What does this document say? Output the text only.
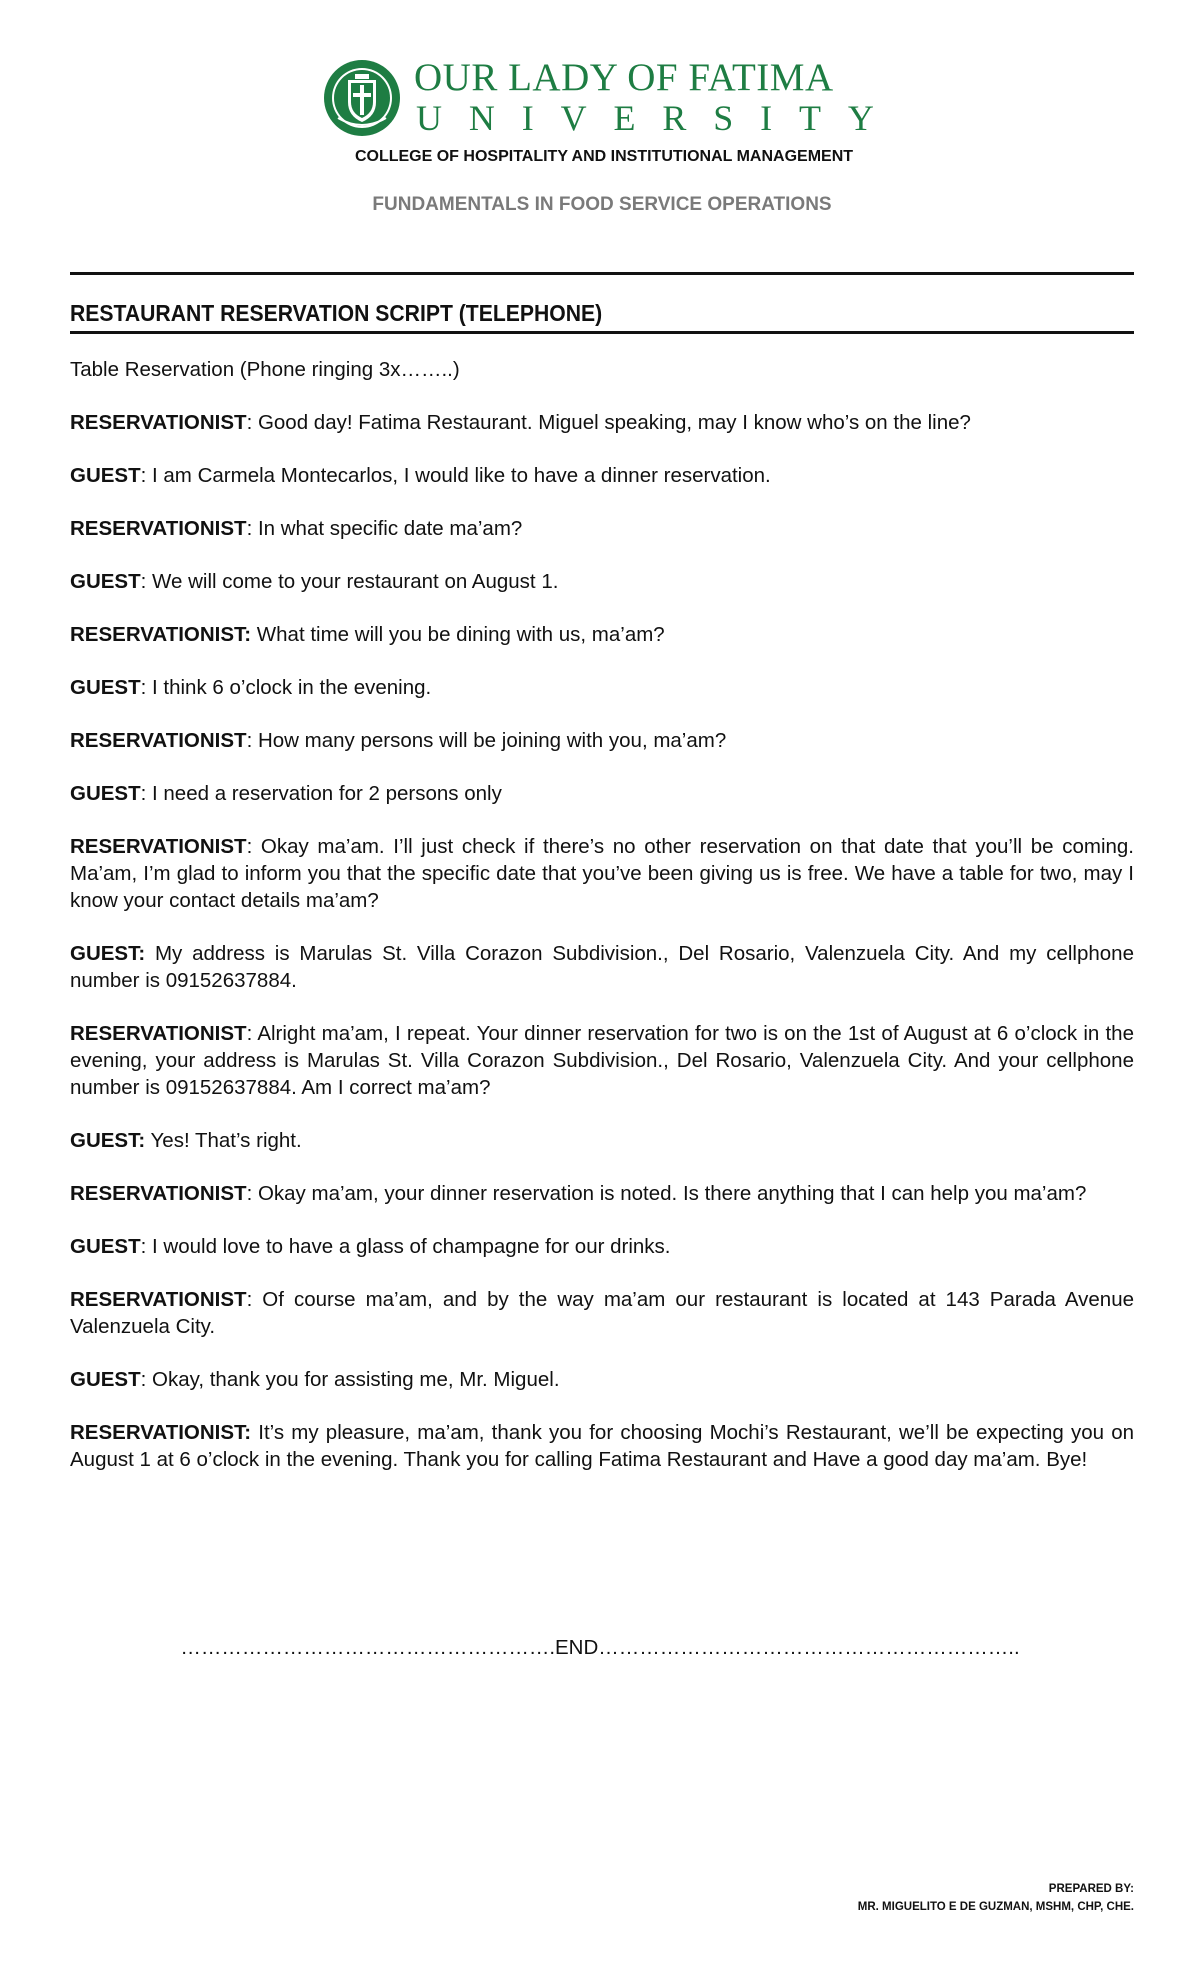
OUR LADY OF FATIMA
U N I V E R S I T Y
COLLEGE OF HOSPITALITY AND INSTITUTIONAL MANAGEMENT
FUNDAMENTALS IN FOOD SERVICE OPERATIONS
RESTAURANT RESERVATION SCRIPT (TELEPHONE)

Table Reservation (Phone ringing 3x……..)

RESERVATIONIST: Good day! Fatima Restaurant. Miguel speaking, may I know who’s on the line?

GUEST: I am Carmela Montecarlos, I would like to have a dinner reservation.

RESERVATIONIST: In what specific date ma’am?

GUEST: We will come to your restaurant on August 1.

RESERVATIONIST: What time will you be dining with us, ma’am?

GUEST: I think 6 o’clock in the evening.

RESERVATIONIST: How many persons will be joining with you, ma’am?

GUEST: I need a reservation for 2 persons only

RESERVATIONIST: Okay ma’am. I’ll just check if there’s no other reservation on that date that you’ll be coming. Ma’am, I’m glad to inform you that the specific date that you’ve been giving us is free. We have a table for two, may I know your contact details ma’am?

GUEST: My address is Marulas St. Villa Corazon Subdivision., Del Rosario, Valenzuela City. And my cellphone number is 09152637884.

RESERVATIONIST: Alright ma’am, I repeat. Your dinner reservation for two is on the 1st of August at 6 o’clock in the evening, your address is Marulas St. Villa Corazon Subdivision., Del Rosario, Valenzuela City. And your cellphone number is 09152637884. Am I correct ma’am?

GUEST: Yes! That’s right.

RESERVATIONIST: Okay ma’am, your dinner reservation is noted. Is there anything that I can help you ma’am?

GUEST: I would love to have a glass of champagne for our drinks.

RESERVATIONIST: Of course ma’am, and by the way ma’am our restaurant is located at 143 Parada Avenue Valenzuela City.

GUEST: Okay, thank you for assisting me, Mr. Miguel.

RESERVATIONIST: It’s my pleasure, ma’am, thank you for choosing Mochi’s Restaurant, we’ll be expecting you on August 1 at 6 o’clock in the evening. Thank you for calling Fatima Restaurant and Have a good day ma’am. Bye!

……………………………………………….END……………………………………………………..
PREPARED BY:
MR. MIGUELITO E DE GUZMAN, MSHM, CHP, CHE.
